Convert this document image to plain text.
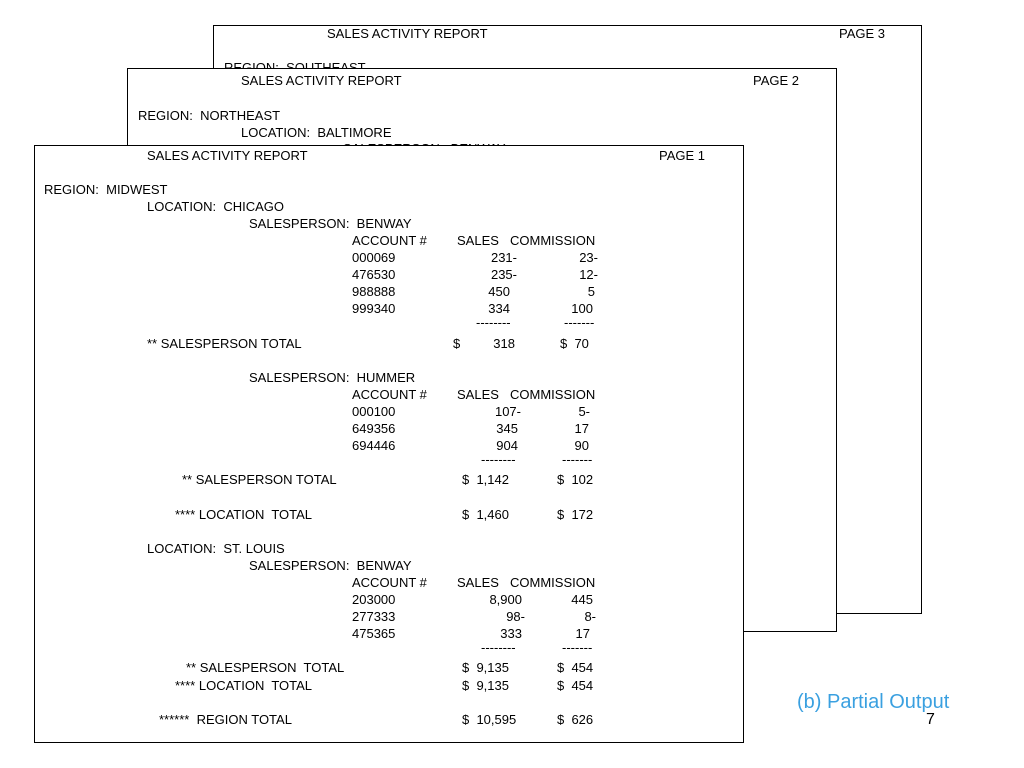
SALES ACTIVITY REPORT	PAGE 3
SALES ACTIVITY REPORT	PAGE 2
REGION:  NORTHEAST
LOCATION:  BALTIMORE
SALES ACTIVITY REPORT	PAGE 1
REGION:  MIDWEST
LOCATION:  CHICAGO
SALESPERSON:  BENWAY
ACCOUNT # SALES COMMISSION
000069	231-	23-
476530	235-	12-
988888	450	5
999340	334	100
--------	-------
** SALESPERSON TOTAL	$	318	$  70
SALESPERSON:  HUMMER
ACCOUNT # SALES COMMISSION
000100	107-	5-
649356	345	17
694446	904	90
--------	-------
** SALESPERSON TOTAL	$  1,142	$  102
**** LOCATION  TOTAL	$  1,460	$  172
LOCATION:  ST. LOUIS
SALESPERSON:  BENWAY
ACCOUNT # SALES COMMISSION
203000	8,900	445
277333	98-	8-
475365	333	17
--------	-------
** SALESPERSON  TOTAL	$  9,135	$  454
**** LOCATION  TOTAL	$  9,135	$  454
******  REGION TOTAL	$  10,595	$  626
(b) Partial Output
7
